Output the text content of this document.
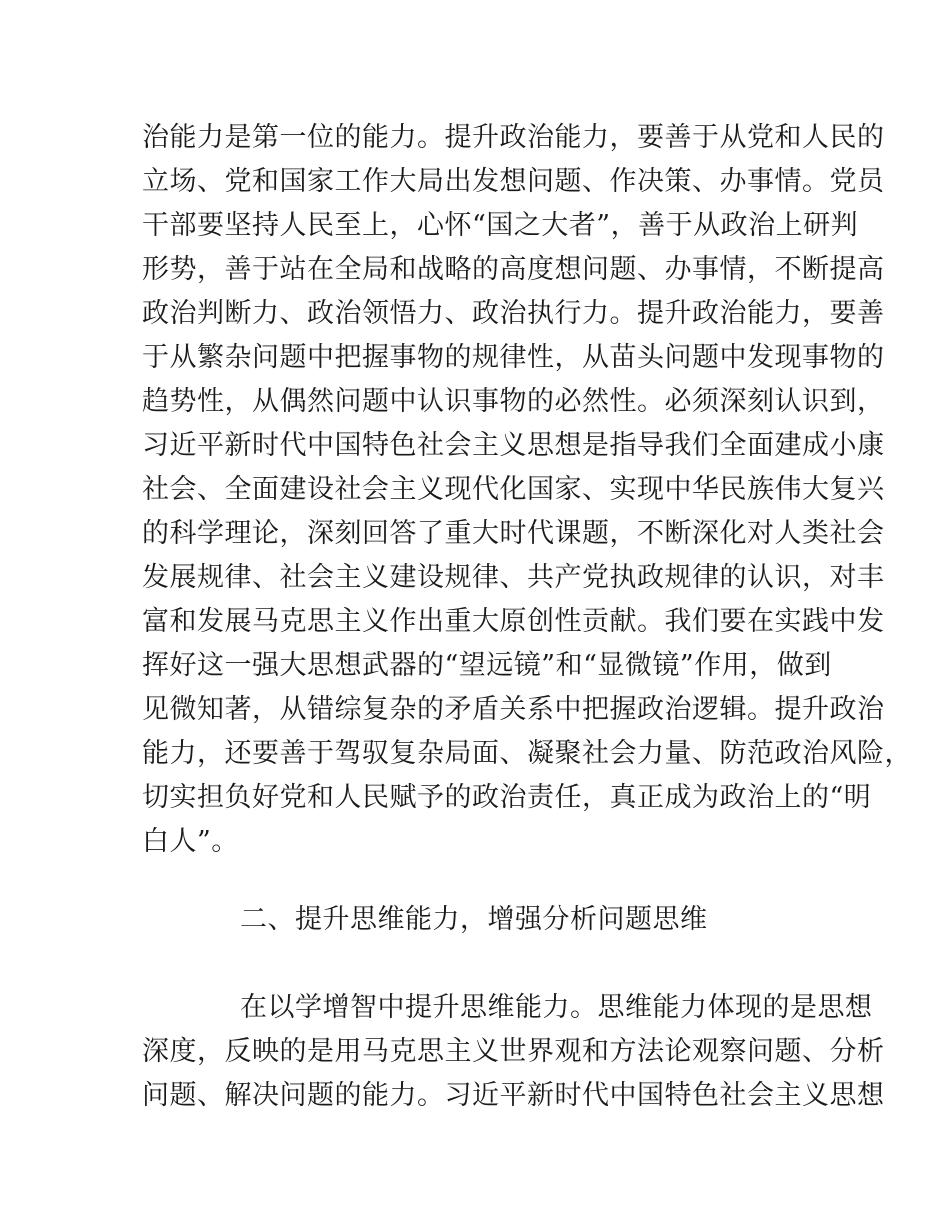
治能力是第一位的能力。提升政治能力，要善于从党和人民的
立场、党和国家工作大局出发想问题、作决策、办事情。党员
干部要坚持人民至上，心怀“国之大者”，善于从政治上研判
形势，善于站在全局和战略的高度想问题、办事情，不断提高
政治判断力、政治领悟力、政治执行力。提升政治能力，要善
于从繁杂问题中把握事物的规律性，从苗头问题中发现事物的
趋势性，从偶然问题中认识事物的必然性。必须深刻认识到，
习近平新时代中国特色社会主义思想是指导我们全面建成小康
社会、全面建设社会主义现代化国家、实现中华民族伟大复兴
的科学理论，深刻回答了重大时代课题，不断深化对人类社会
发展规律、社会主义建设规律、共产党执政规律的认识，对丰
富和发展马克思主义作出重大原创性贡献。我们要在实践中发
挥好这一强大思想武器的“望远镜”和“显微镜”作用，做到
见微知著，从错综复杂的矛盾关系中把握政治逻辑。提升政治
能力，还要善于驾驭复杂局面、凝聚社会力量、防范政治风险，
切实担负好党和人民赋予的政治责任，真正成为政治上的“明
白人”。
二、提升思维能力，增强分析问题思维
在以学增智中提升思维能力。思维能力体现的是思想
深度，反映的是用马克思主义世界观和方法论观察问题、分析
问题、解决问题的能力。习近平新时代中国特色社会主义思想
